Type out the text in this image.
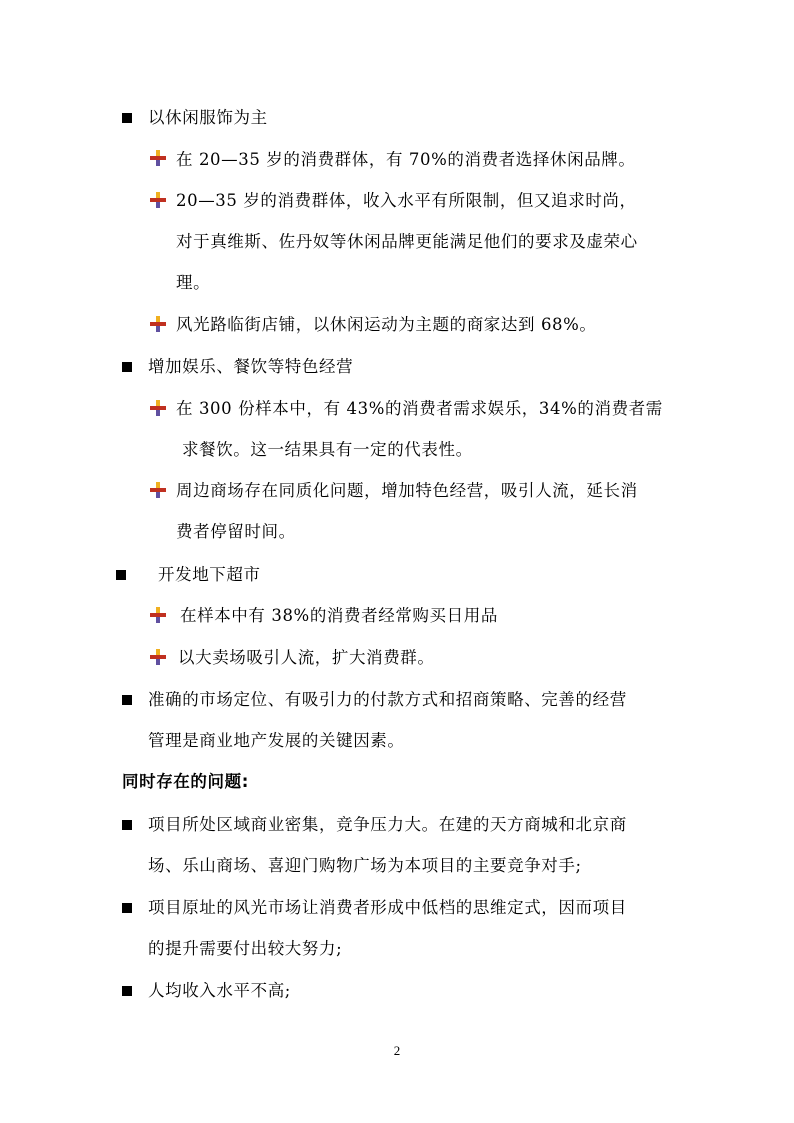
以休闲服饰为主
在 20—35 岁的消费群体，有 70%的消费者选择休闲品牌。
20—35 岁的消费群体，收入水平有所限制，但又追求时尚，
对于真维斯、佐丹奴等休闲品牌更能满足他们的要求及虚荣心
理。
风光路临街店铺，以休闲运动为主题的商家达到 68%。
增加娱乐、餐饮等特色经营
在 300 份样本中，有 43%的消费者需求娱乐，34%的消费者需
求餐饮。这一结果具有一定的代表性。
周边商场存在同质化问题，增加特色经营，吸引人流，延长消
费者停留时间。
开发地下超市
在样本中有 38%的消费者经常购买日用品
以大卖场吸引人流，扩大消费群。
准确的市场定位、有吸引力的付款方式和招商策略、完善的经营
管理是商业地产发展的关键因素。
同时存在的问题:
项目所处区域商业密集，竞争压力大。在建的天方商城和北京商
场、乐山商场、喜迎门购物广场为本项目的主要竞争对手;
项目原址的风光市场让消费者形成中低档的思维定式，因而项目
的提升需要付出较大努力;
人均收入水平不高;
2
